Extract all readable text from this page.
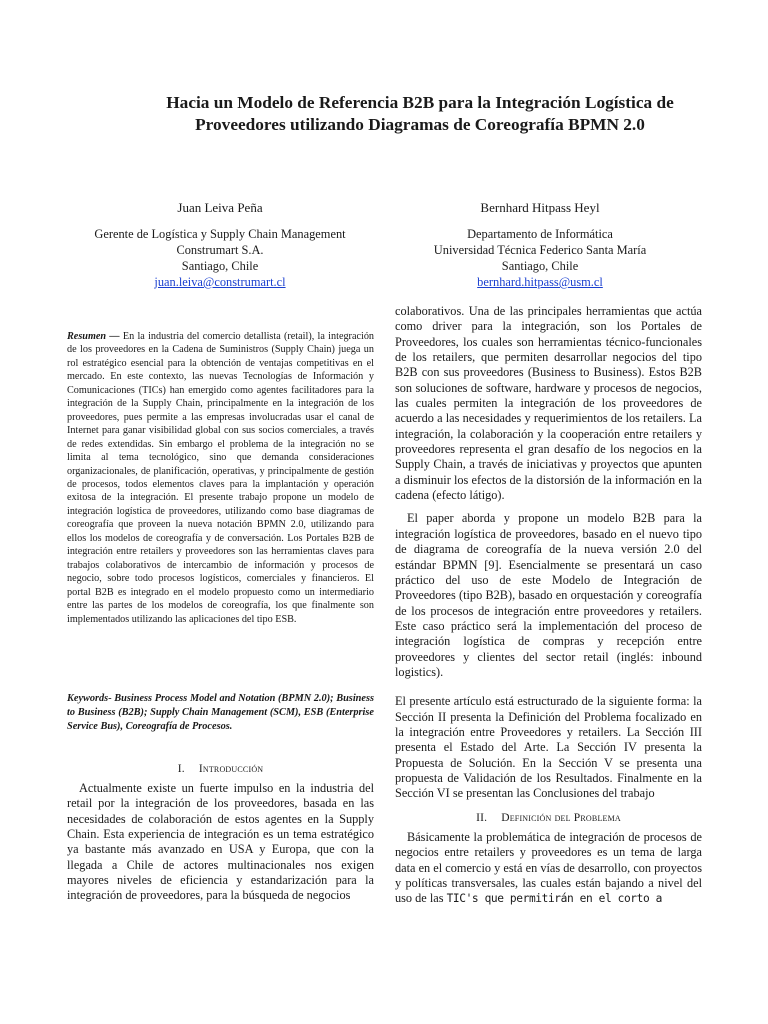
Hacia un Modelo de Referencia B2B para la Integración Logística de
Proveedores utilizando Diagramas de Coreografía BPMN 2.0
Juan Leiva Peña
Gerente de Logística y Supply Chain Management
Construmart S.A.
Santiago, Chile
juan.leiva@construmart.cl
Bernhard Hitpass Heyl
Departamento de Informática
Universidad Técnica Federico Santa María
Santiago, Chile
bernhard.hitpass@usm.cl
Resumen — En la industria del comercio detallista (retail), la integración de los proveedores en la Cadena de Suministros (Supply Chain) juega un rol estratégico esencial para la obtención de ventajas competitivas en el mercado. En este contexto, las nuevas Tecnologías de Información y Comunicaciones (TICs) han emergido como agentes facilitadores para la integración de la Supply Chain, principalmente en la integración de los proveedores, pues permite a las empresas involucradas usar el canal de Internet para ganar visibilidad global con sus socios comerciales, a través de redes extendidas. Sin embargo el problema de la integración no se limita al tema tecnológico, sino que demanda consideraciones organizacionales, de planificación, operativas, y principalmente de gestión de procesos, todos elementos claves para la implantación y operación exitosa de la integración. El presente trabajo propone un modelo de integración logística de proveedores, utilizando como base diagramas de coreografía que proveen la nueva notación BPMN 2.0, utilizando para ellos los modelos de coreografía y de conversación. Los Portales B2B de integración entre retailers y proveedores son las herramientas claves para trabajos colaborativos de intercambio de información y procesos de negocio, sobre todo procesos logísticos, comerciales y financieros. El portal B2B es integrado en el modelo propuesto como un intermediario entre las partes de los modelos de coreografía, los que finalmente son implementados utilizando las aplicaciones del tipo ESB.
Keywords- Business Process Model and Notation (BPMN 2.0); Business to Business (B2B); Supply Chain Management (SCM), ESB (Enterprise Service Bus), Coreografía de Procesos.
I. Introducción

Actualmente existe un fuerte impulso en la industria del retail por la integración de los proveedores, basada en las necesidades de colaboración de estos agentes en la Supply Chain. Esta experiencia de integración es un tema estratégico ya bastante más avanzado en USA y Europa, que con la llegada a Chile de actores multinacionales nos exigen mayores niveles de eficiencia y estandarización para la integración de proveedores, para la búsqueda de negocios

colaborativos. Una de las principales herramientas que actúa como driver para la integración, son los Portales de Proveedores, los cuales son herramientas técnico-funcionales de los retailers, que permiten desarrollar negocios del tipo B2B con sus proveedores (Business to Business). Estos B2B son soluciones de software, hardware y procesos de negocios, las cuales permiten la integración de los proveedores de acuerdo a las necesidades y requerimientos de los retailers. La integración, la colaboración y la cooperación entre retailers y proveedores representa el gran desafío de los negocios en la Supply Chain, a través de iniciativas y proyectos que apunten a disminuir los efectos de la distorsión de la información en la cadena (efecto látigo).

El paper aborda y propone un modelo B2B para la integración logística de proveedores, basado en el nuevo tipo de diagrama de coreografía de la nueva versión 2.0 del estándar BPMN [9]. Esencialmente se presentará un caso práctico del uso de este Modelo de Integración de Proveedores (tipo B2B), basado en orquestación y coreografía de los procesos de integración entre proveedores y retailers. Este caso práctico será la implementación del proceso de integración logística de compras y recepción entre proveedores y clientes del sector retail (inglés: inbound logistics).

El presente artículo está estructurado de la siguiente forma: la Sección II presenta la Definición del Problema focalizado en la integración entre Proveedores y retailers. La Sección III presenta el Estado del Arte. La Sección IV presenta la Propuesta de Solución. En la Sección V se presenta una propuesta de Validación de los Resultados. Finalmente en la Sección VI se presentan las Conclusiones del trabajo

II. Definición del Problema

Básicamente la problemática de integración de procesos de negocios entre retailers y proveedores es un tema de larga data en el comercio y está en vías de desarrollo, con proyectos y políticas transversales, las cuales están bajando a nivel del uso de las TIC's que permitirán en el corto a
